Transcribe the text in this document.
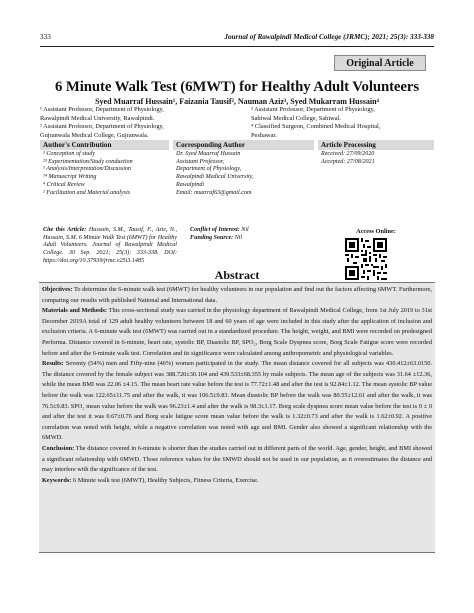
333	Journal of Rawalpindi Medical College (JRMC); 2021; 25(3): 333-338
Original Article
6 Minute Walk Test (6MWT) for Healthy Adult Volunteers
Syed Muarraf Hussain¹, Faizania Tausif², Nauman Aziz³, Syed Mukarram Hussain⁴
¹ Assistant Professor, Department of Physiology,
Rawalpindi Medical University, Rawalpindi.
² Assistant Professor, Department of Physiology,
Gujranwala Medical College, Gujranwala.
³ Assistant Professor, Department of Physiology,
Sahiwal Medical College, Sahiwal.
⁴ Classified Surgeon, Combined Medical Hospital,
Peshawar.
Author's Contribution
¹ Conception of study
²³ Experimentation/Study conduction
¹ Analysis/Interpretation/Discussion
¹⁴ Manuscript Writing
⁴ Critical Review
¹ Facilitation and Material analysis
Corresponding Author
Dr. Syed Muarraf Hussain
Assistant Professor,
Department of Physiology,
Rawalpindi Medical University,
Rawalpindi
Email: muarraf63@gmail.com
Article Processing
Received: 27/09/2020
Accepted: 27/08/2021
Cite this Article: Hussain, S.M., Tausif, F., Aziz, N., Hussain, S.M. 6 Minute Walk Test (6MWT) for Healthy Adult Volunteers. Journal of Rawalpindi Medical College. 30 Sep. 2021; 25(3): 333-338. DOI: https://doi.org/10.37939/jrmc.v25i3.1485
Conflict of Interest: Nil
Funding Source: Nil
Access Online:
Abstract

Objectives: To determine the 6-minute walk test (6MWT) for healthy volunteers in our population and find out the factors affecting 6MWT. Furthermore, comparing our results with published National and International data.

Materials and Methods: This cross-sectional study was carried in the physiology department of Rawalpindi Medical College, from 1st July 2019 to 31st December 2019A total of 129 adult healthy volunteers between 18 and 60 years of age were included in this study after the application of inclusion and exclusion criteria. A 6-minute walk test (6MWT) was carried out in a standardized procedure. The height, weight, and BMI were recorded on predesigned Performa. Distance covered in 6-minute, heart rate, systolic BP, Diastolic BP, SPO₂, Borg Scale Dyspnea score, Borg Scale Fatigue score were recorded before and after the 6-minute walk test. Correlation and its significance were calculated among anthropometric and physiological variables.

Results: Seventy (54%) men and Fifty-nine (46%) women participated in the study. The mean distance covered for all subjects was 430.412±63.0150. The distance covered by the female subject was 388.720±30.104 and 439.533±68.355 by male subjects. The mean age of the subjects was 31.64 ±12.36, while the mean BMI was 22.06 ±4.15. The mean heart rate value before the test is 77.72±1.48 and after the test is 92.84±1.12. The mean systolic BP value before the walk was 122.65±11.75 and after the walk, it was 106.5±9.83. Mean diastolic BP before the walk was 80.55±12.61 and after the walk, it was 76.5±9.83. SPO₂ mean value before the walk was 96.23±1.4 and after the walk is 98.3±1.17. Borg scale dyspnea score mean value before the test is 0 ± 0 and after the test it was 0.67±0.76 and Borg scale fatigue score mean value before the walk is 1.32±0.73 and after the walk is 1.62±0.92. A positive correlation was noted with height, while a negative correlation was noted with age and BMI. Gender also showed a significant relationship with the 6MWD.

Conclusion: The distance covered in 6-minute is shorter than the studies carried out in different parts of the world. Age, gender, height, and BMI showed a significant relationship with 6MWD. Those reference values for the 6MWD should not be used in our population, as it overestimates the distance and may interfere with the significance of the test.

Keywords: 6 Minute walk test (6MWT), Healthy Subjects, Fitness Criteria, Exercise.
